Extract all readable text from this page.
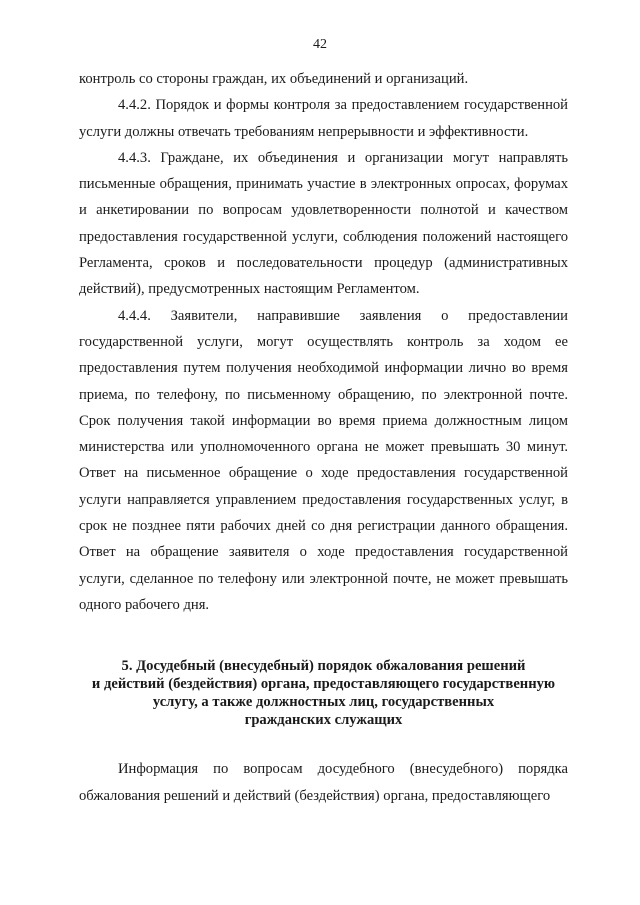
42

контроль со стороны граждан, их объединений и организаций.

4.4.2. Порядок и формы контроля за предоставлением государственной услуги должны отвечать требованиям непрерывности и эффективности.

4.4.3. Граждане, их объединения и организации могут направлять письменные обращения, принимать участие в электронных опросах, форумах и анкетировании по вопросам удовлетворенности полнотой и качеством предоставления государственной услуги, соблюдения положений настоящего Регламента, сроков и последовательности процедур (административных действий), предусмотренных настоящим Регламентом.

4.4.4. Заявители, направившие заявления о предоставлении государственной услуги, могут осуществлять контроль за ходом ее предоставления путем получения необходимой информации лично во время приема, по телефону, по письменному обращению, по электронной почте. Срок получения такой информации во время приема должностным лицом министерства или уполномоченного органа не может превышать 30 минут. Ответ на письменное обращение о ходе предоставления государственной услуги направляется управлением предоставления государственных услуг, в срок не позднее пяти рабочих дней со дня регистрации данного обращения. Ответ на обращение заявителя о ходе предоставления государственной услуги, сделанное по телефону или электронной почте, не может превышать одного рабочего дня.

5. Досудебный (внесудебный) порядок обжалования решений
и действий (бездействия) органа, предоставляющего государственную
услугу, а также должностных лиц, государственных
гражданских служащих

Информация по вопросам досудебного (внесудебного) порядка обжалования решений и действий (бездействия) органа, предоставляющего
